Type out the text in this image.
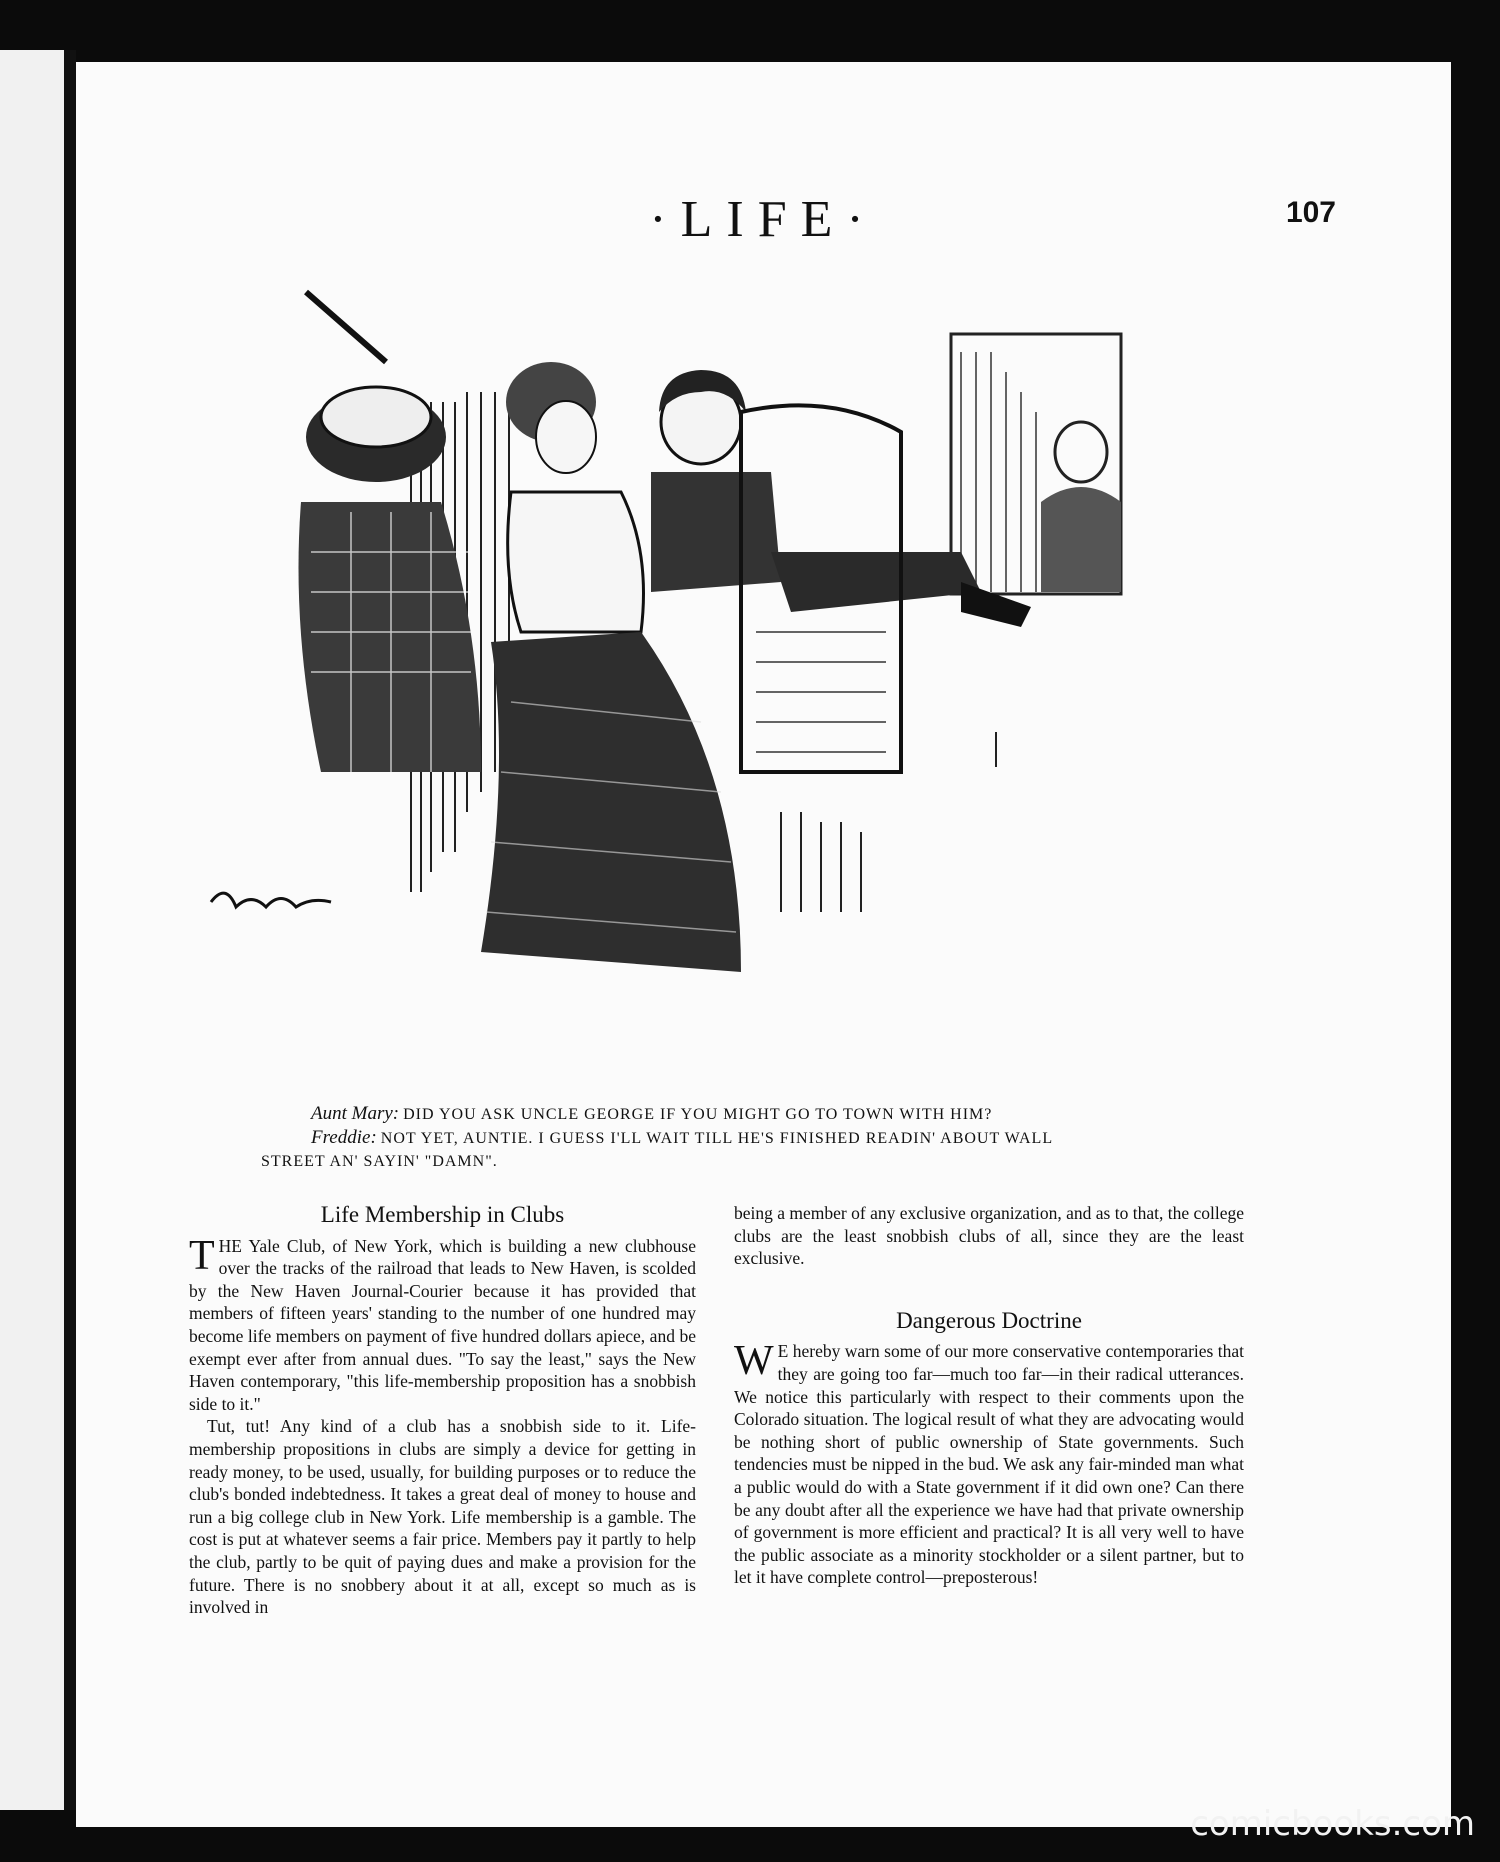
·LIFE·	107
Aunt Mary: DID YOU ASK UNCLE GEORGE IF YOU MIGHT GO TO TOWN WITH HIM?
Freddie: NOT YET, AUNTIE. I GUESS I'LL WAIT TILL HE'S FINISHED READIN' ABOUT WALL
STREET AN' SAYIN' "DAMN".
Life Membership in Clubs

THE Yale Club, of New York, which is building a new clubhouse over the tracks of the railroad that leads to New Haven, is scolded by the New Haven Journal-Courier because it has provided that members of fifteen years' standing to the number of one hundred may become life members on payment of five hundred dollars apiece, and be exempt ever after from annual dues. "To say the least," says the New Haven contemporary, "this life-membership proposition has a snobbish side to it."

Tut, tut! Any kind of a club has a snobbish side to it. Life-membership propositions in clubs are simply a device for getting in ready money, to be used, usually, for building purposes or to reduce the club's bonded indebtedness. It takes a great deal of money to house and run a big college club in New York. Life membership is a gamble. The cost is put at whatever seems a fair price. Members pay it partly to help the club, partly to be quit of paying dues and make a provision for the future. There is no snobbery about it at all, except so much as is involved in

being a member of any exclusive organization, and as to that, the college clubs are the least snobbish clubs of all, since they are the least exclusive.

Dangerous Doctrine

W E hereby warn some of our more conservative contemporaries that they are going too far—much too far—in their radical utterances. We notice this particularly with respect to their comments upon the Colorado situation. The logical result of what they are advocating would be nothing short of public ownership of State governments. Such tendencies must be nipped in the bud. We ask any fair-minded man what a public would do with a State government if it did own one? Can there be any doubt after all the experience we have had that private ownership of government is more efficient and practical? It is all very well to have the public associate as a minority stockholder or a silent partner, but to let it have complete control—preposterous!

comicbooks.com
